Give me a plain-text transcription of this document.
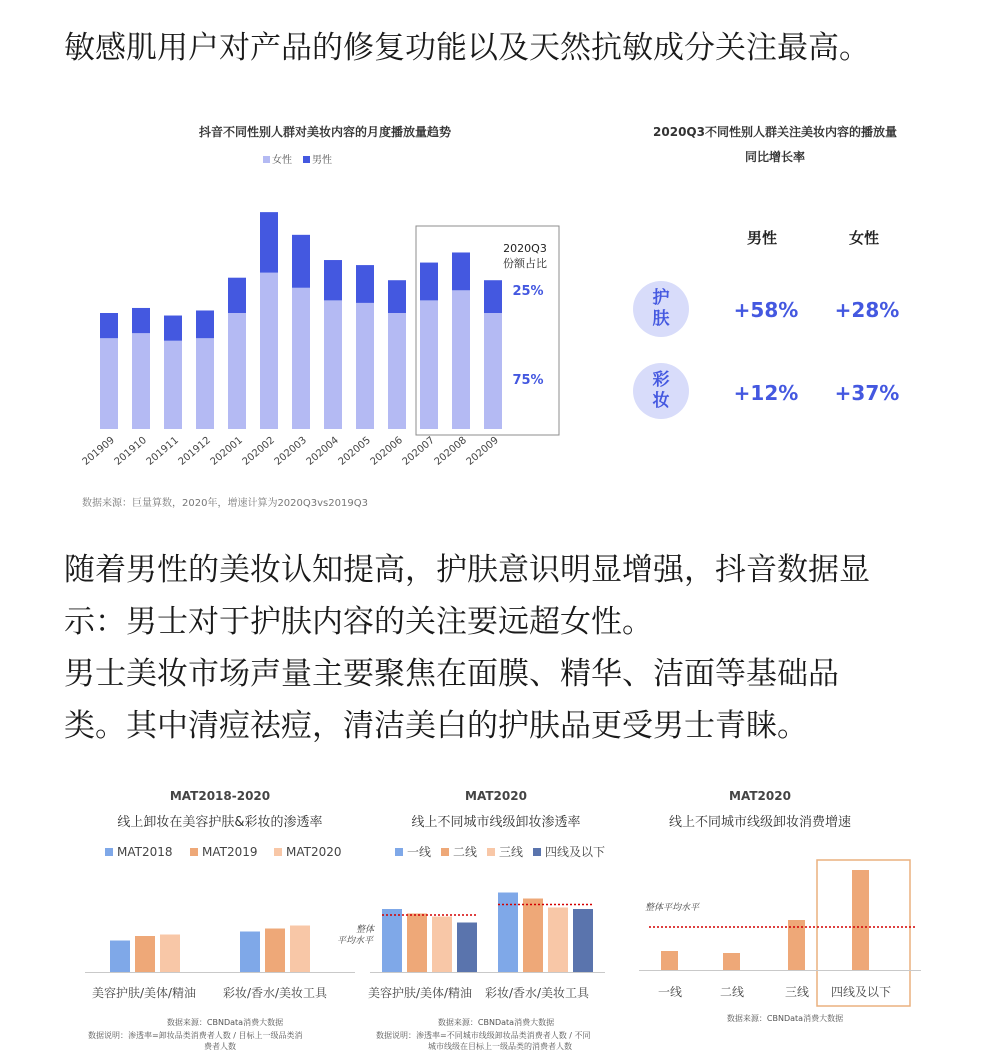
敏感肌用户对产品的修复功能以及天然抗敏成分关注最高。

抖音不同性别人群对美妆内容的月度播放量趋势
女性 男性
2020Q3
份额占比
25%
75%
201909
201910
201911
201912
202001
202002
202003
202004
202005
202006
202007
202008
202009
数据来源：巨量算数，2020年，增速计算为2020Q3vs2019Q3
2020Q3不同性别人群关注美妆内容的播放量
同比增长率
男性	女性
护
肤	+58% +28%
彩
妆	+12% +37%

随着男性的美妆认知提高，护肤意识明显增强，抖音数据显

示：男士对于护肤内容的关注要远超女性。

男士美妆市场声量主要聚焦在面膜、精华、洁面等基础品

类。其中清痘祛痘，清洁美白的护肤品更受男士青睐。

MAT2018-2020
线上卸妆在美容护肤&彩妆的渗透率
MAT2018 MAT2019 MAT2020
美容护肤/美体/精油 彩妆/香水/美妆工具
数据来源：CBNData消费大数据
数据说明：渗透率=卸妆品类消费者人数 / 目标上一级品类消
费者人数
MAT2020
线上不同城市线级卸妆渗透率
一线 二线 三线 四线及以下
整体
平均水平
美容护肤/美体/精油 彩妆/香水/美妆工具
数据来源：CBNData消费大数据
数据说明：渗透率=不同城市线级卸妆品类消费者人数 / 不同
城市线级在目标上一级品类的消费者人数
MAT2020
线上不同城市线级卸妆消费增速
整体平均水平
一线	二线	三线 四线及以下
数据来源：CBNData消费大数据
